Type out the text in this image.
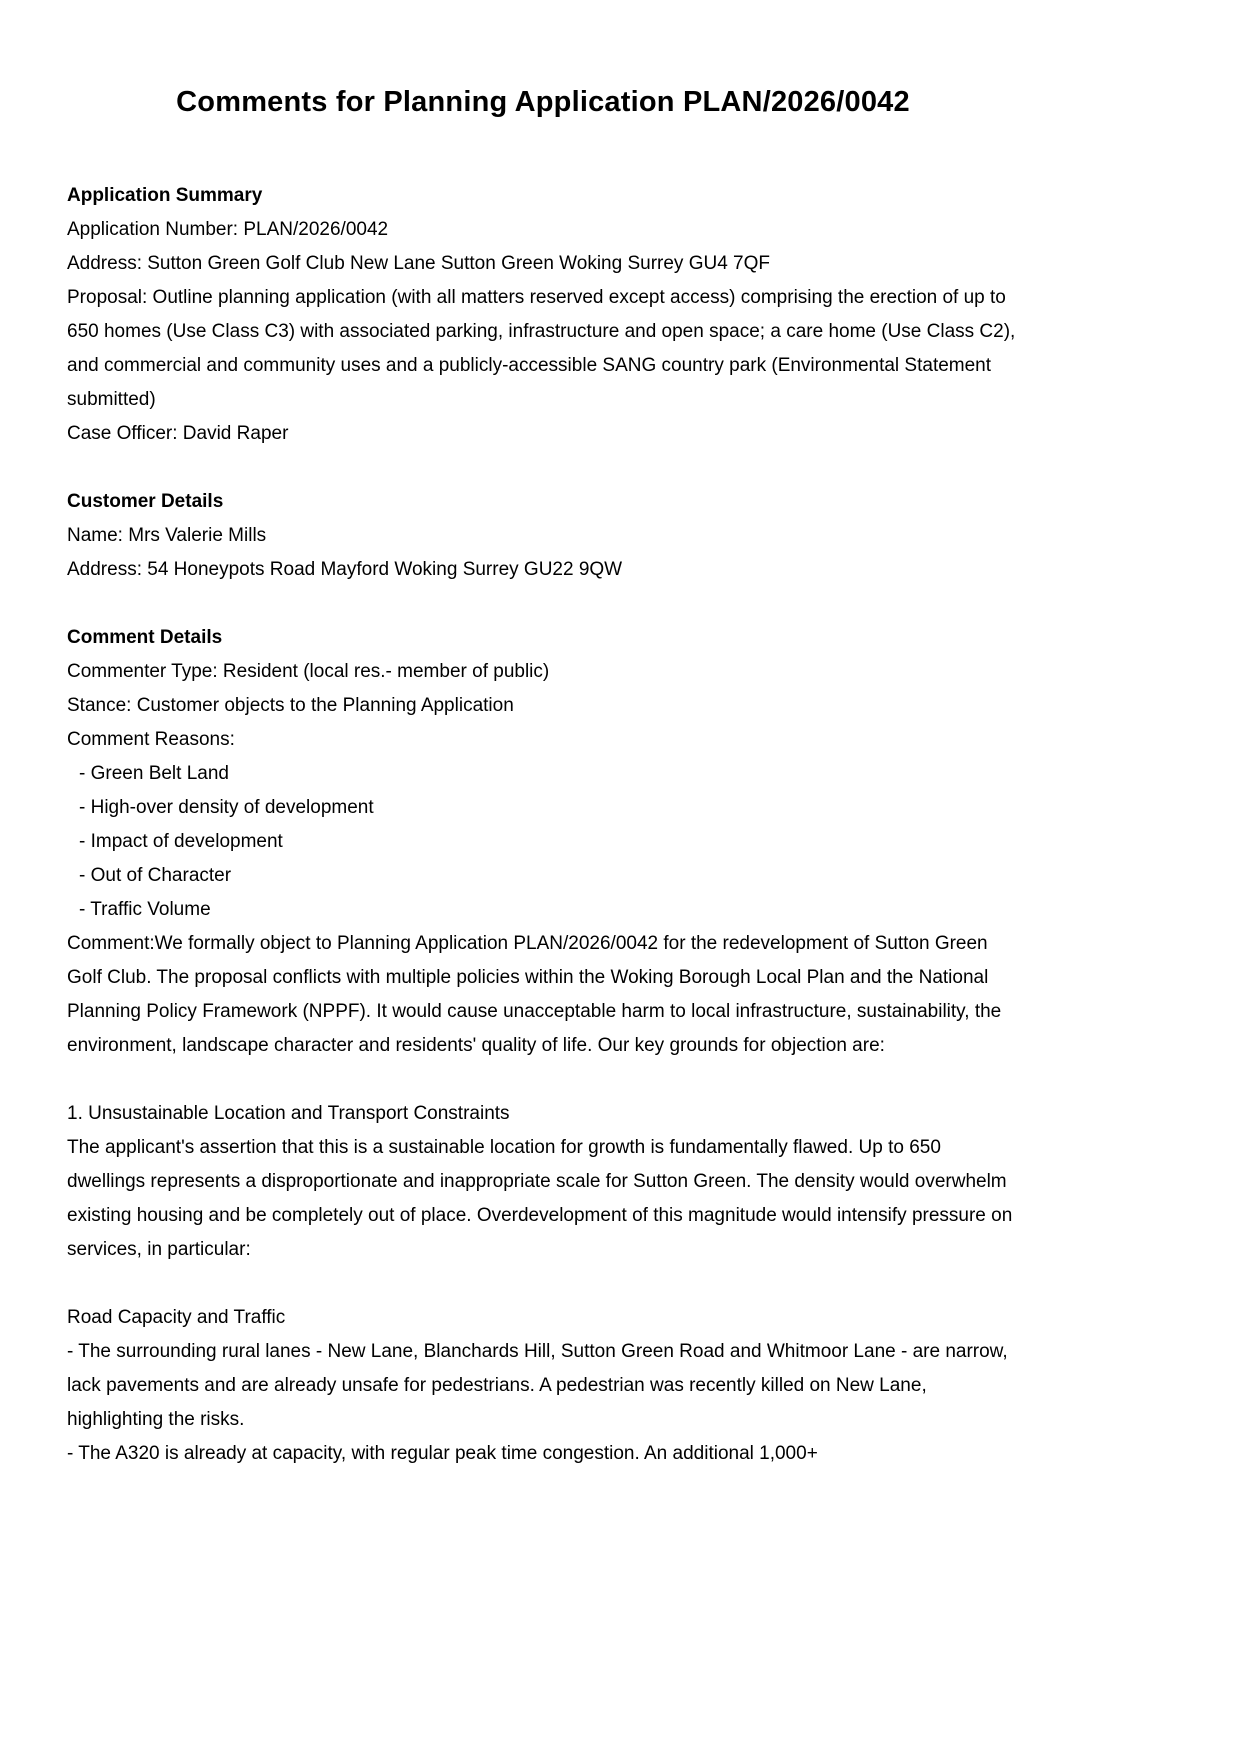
Comments for Planning Application PLAN/2026/0042
Application Summary

Application Number: PLAN/2026/0042

Address: Sutton Green Golf Club New Lane Sutton Green Woking Surrey GU4 7QF

Proposal: Outline planning application (with all matters reserved except access) comprising the erection of up to 650 homes (Use Class C3) with associated parking, infrastructure and open space; a care home (Use Class C2), and commercial and community uses and a publicly-accessible SANG country park (Environmental Statement submitted)

Case Officer: David Raper

Customer Details

Name: Mrs Valerie Mills

Address: 54 Honeypots Road Mayford Woking Surrey GU22 9QW

Comment Details

Commenter Type: Resident (local res.- member of public)

Stance: Customer objects to the Planning Application

Comment Reasons:

- Green Belt Land

- High-over density of development

- Impact of development

- Out of Character

- Traffic Volume

Comment:We formally object to Planning Application PLAN/2026/0042 for the redevelopment of Sutton Green Golf Club. The proposal conflicts with multiple policies within the Woking Borough Local Plan and the National Planning Policy Framework (NPPF). It would cause unacceptable harm to local infrastructure, sustainability, the environment, landscape character and residents' quality of life. Our key grounds for objection are:

1. Unsustainable Location and Transport Constraints

The applicant's assertion that this is a sustainable location for growth is fundamentally flawed. Up to 650 dwellings represents a disproportionate and inappropriate scale for Sutton Green. The density would overwhelm existing housing and be completely out of place. Overdevelopment of this magnitude would intensify pressure on services, in particular:

Road Capacity and Traffic

- The surrounding rural lanes - New Lane, Blanchards Hill, Sutton Green Road and Whitmoor Lane - are narrow, lack pavements and are already unsafe for pedestrians. A pedestrian was recently killed on New Lane, highlighting the risks.

- The A320 is already at capacity, with regular peak time congestion. An additional 1,000+
